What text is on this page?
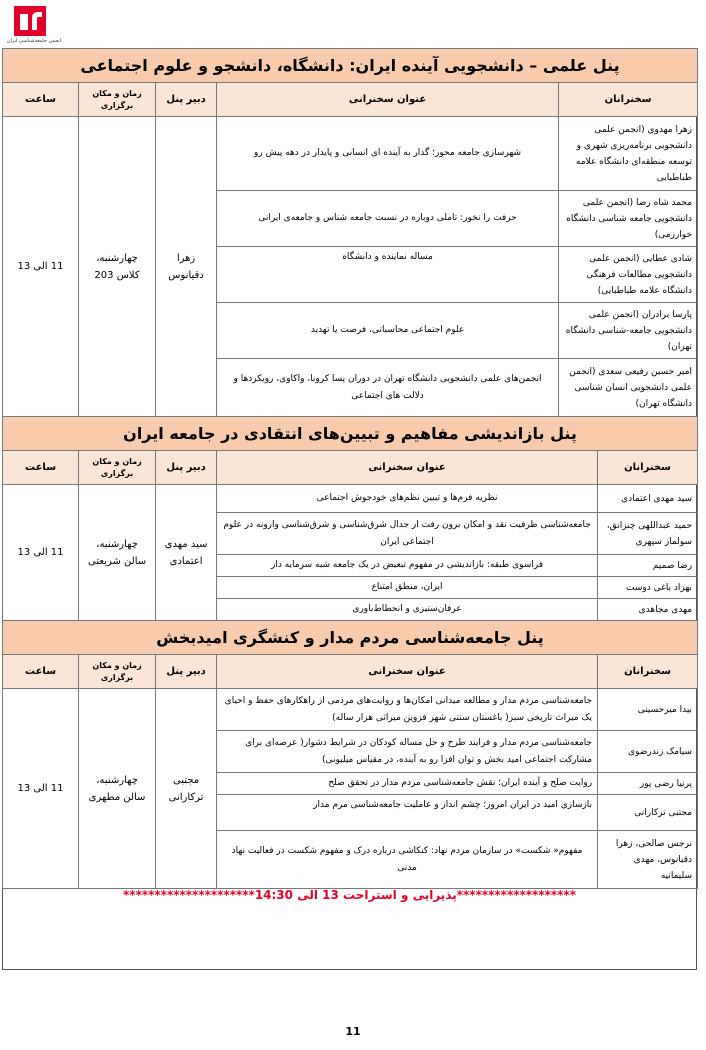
انجمن جامعه‌شناسی ایران
پنل علمی – دانشجویی آینده ایران: دانشگاه، دانشجو و علوم اجتماعی				
سخنرانان	عنوان سخنرانی	دبیر پنل	زمان و مکان برگزاری	ساعت
زهرا مهدوی (انجمن علمی دانشجویی برنامه‌ریزی شهری و توسعه منطقه‌ای دانشگاه علامه طباطبایی	شهرسازی جامعه محور؛ گذار به آینده ای انسانی و پایدار در دهه پیش رو	زهرا دقیانوس	چهارشنبه، کلاس 203	11 الی 13
محمد شاه رضا (انجمن علمی دانشجویی جامعه شناسی دانشگاه خوارزمی)	حرفت را نخور: تاملی دوباره در نسبت جامعه شناس و جامعه‌ی ایرانی			
شادی عطایی (انجمن علمی دانشجویی مطالعات فرهنگی دانشگاه علامه طباطبایی)	مساله نماینده و دانشگاه			
پارسا برادران (انجمن علمی دانشجویی جامعه-شناسی دانشگاه تهران)	علوم اجتماعی محاسباتی، فرصت یا تهدید			
امیر حسین رفیعی سعدی (انجمن علمی دانشجویی انسان شناسی دانشگاه تهران)	انجمن‌های علمی دانشجویی دانشگاه تهران در دوران پسا کرونا، واکاوی، رویکردها و دلالت های اجتماعی			
پنل بازاندیشی مفاهیم و تبیین‌های انتقادی در جامعه ایران				
سخنرانان	عنوان سخنرانی	دبیر پنل	زمان و مکان برگزاری	ساعت
سید مهدی اعتمادی	نظریه فرم‌ها و تبیین نظم‌های خودجوش اجتماعی	سید مهدی اعتمادی	چهارشنبه، سالن شریعتی	11 الی 13
حمید عبداللهی چنزانق، سولماز سپهری	جامعه‌شناسی ظرفیت نقد و امکان برون رفت از جدال شرق‌شناسی و شرق‌شناسی وارونه در علوم اجتماعی ایران			
رضا صمیم	فراسوی طبقه: بازاندیشی در مفهوم تبعیض در یک جامعه شبه سرمایه دار			
بهزاد باغی دوست	ایران، منطق امتناع			
مهدی مجاهدی	عرفان‌ستیزی و انحطاط‌باوری			
پنل جامعه‌شناسی مردم مدار و کنشگری امیدبخش				
سخنرانان	عنوان سخنرانی	دبیر پنل	زمان و مکان برگزاری	ساعت
بیدا میرحسینی	جامعه‌شناسی مردم مدار و مطالعه میدانی امکان‌ها و روایت‌های مردمی از راهکارهای حفظ و احیای یک میراث تاریخی سبز( باغستان سنتی شهر قزوین میراثی هزار ساله)	مجتبی ترکارانی	چهارشنبه، سالن مطهری	11 الی 13
سیامک زندرضوی	جامعه‌شناسی مردم مدار و فرایند طرح و حل مساله کودکان در شرایط دشوار( عرصه‌ای برای مشارکت اجتماعی امید بخش و توان افزا رو به آینده، در مقیاس میلیونی)			
پرنیا رضی پور	روایت صلح و آینده ایران؛ نقش جامعه‌شناسی مردم مدار در تحقق صلح			
مجتبی ترکارانی	بازسازی امید در ایران امروز؛ چشم انداز و عاملیت جامعه‌شناسی مرم مدار			
نرجس صالحی، زهرا دقیانوس، مهدی سلیمانیه	مفهوم« شکست» در سازمان مردم نهاد: کنکاشی درباره درک و مفهوم شکست در فعالیت نهاد مدنی			
*******************پذیرایی و استراحت 13 الی 14:30*********************
11
